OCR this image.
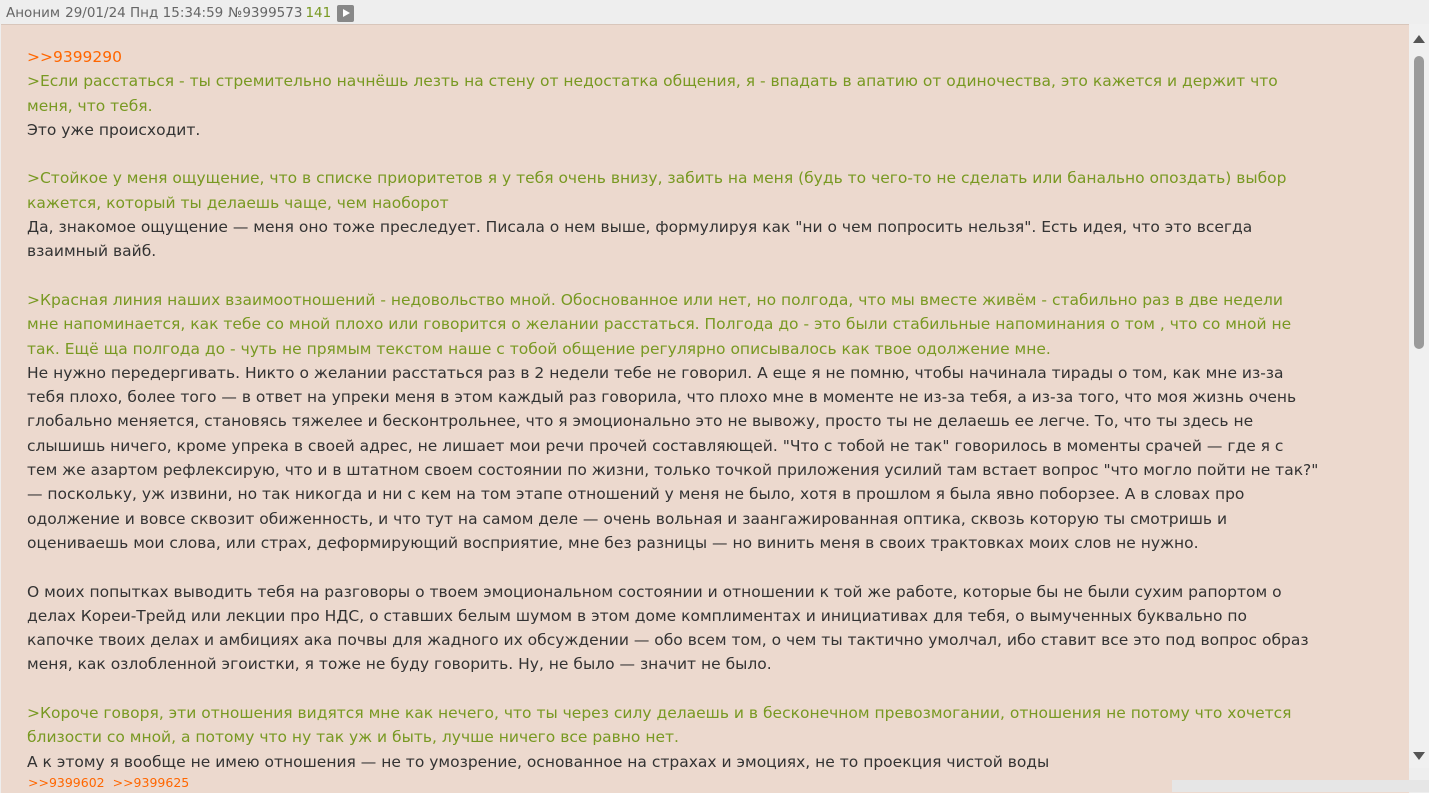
Аноним 29/01/24 Пнд 15:34:59 №9399573 141

>>9399290

>Если расстаться - ты стремительно начнёшь лезть на стену от недостатка общения, я - впадать в апатию от одиночества, это кажется и держит что

меня, что тебя.

Это уже происходит.

>Стойкое у меня ощущение, что в списке приоритетов я у тебя очень внизу, забить на меня (будь то чего-то не сделать или банально опоздать) выбор

кажется, который ты делаешь чаще, чем наоборот

Да, знакомое ощущение — меня оно тоже преследует. Писала о нем выше, формулируя как "ни о чем попросить нельзя". Есть идея, что это всегда

взаимный вайб.

>Красная линия наших взаимоотношений - недовольство мной. Обоснованное или нет, но полгода, что мы вместе живём - стабильно раз в две недели

мне напоминается, как тебе со мной плохо или говорится о желании расстаться. Полгода до - это были стабильные напоминания о том , что со мной не

так. Ещё ща полгода до - чуть не прямым текстом наше с тобой общение регулярно описывалось как твое одолжение мне.

Не нужно передергивать. Никто о желании расстаться раз в 2 недели тебе не говорил. А еще я не помню, чтобы начинала тирады о том, как мне из-за

тебя плохо, более того — в ответ на упреки меня в этом каждый раз говорила, что плохо мне в моменте не из-за тебя, а из-за того, что моя жизнь очень

глобально меняется, становясь тяжелее и бесконтрольнее, что я эмоционально это не вывожу, просто ты не делаешь ее легче. То, что ты здесь не

слышишь ничего, кроме упрека в своей адрес, не лишает мои речи прочей составляющей. "Что с тобой не так" говорилось в моменты срачей — где я с

тем же азартом рефлексирую, что и в штатном своем состоянии по жизни, только точкой приложения усилий там встает вопрос "что могло пойти не так?"

— поскольку, уж извини, но так никогда и ни с кем на том этапе отношений у меня не было, хотя в прошлом я была явно поборзее. А в словах про

одолжение и вовсе сквозит обиженность, и что тут на самом деле — очень вольная и заангажированная оптика, сквозь которую ты смотришь и

оцениваешь мои слова, или страх, деформирующий восприятие, мне без разницы — но винить меня в своих трактовках моих слов не нужно.

О моих попытках выводить тебя на разговоры о твоем эмоциональном состоянии и отношении к той же работе, которые бы не были сухим рапортом о

делах Кореи-Трейд или лекции про НДС, о ставших белым шумом в этом доме комплиментах и инициативах для тебя, о вымученных буквально по

капочке твоих делах и амбициях ака почвы для жадного их обсуждении — обо всем том, о чем ты тактично умолчал, ибо ставит все это под вопрос образ

меня, как озлобленной эгоистки, я тоже не буду говорить. Ну, не было — значит не было.

>Короче говоря, эти отношения видятся мне как нечего, что ты через силу делаешь и в бесконечном превозмогании, отношения не потому что хочется

близости со мной, а потому что ну так уж и быть, лучше ничего все равно нет.

А к этому я вообще не имею отношения — не то умозрение, основанное на страхах и эмоциях, не то проекция чистой воды

>>9399602 >>9399625
